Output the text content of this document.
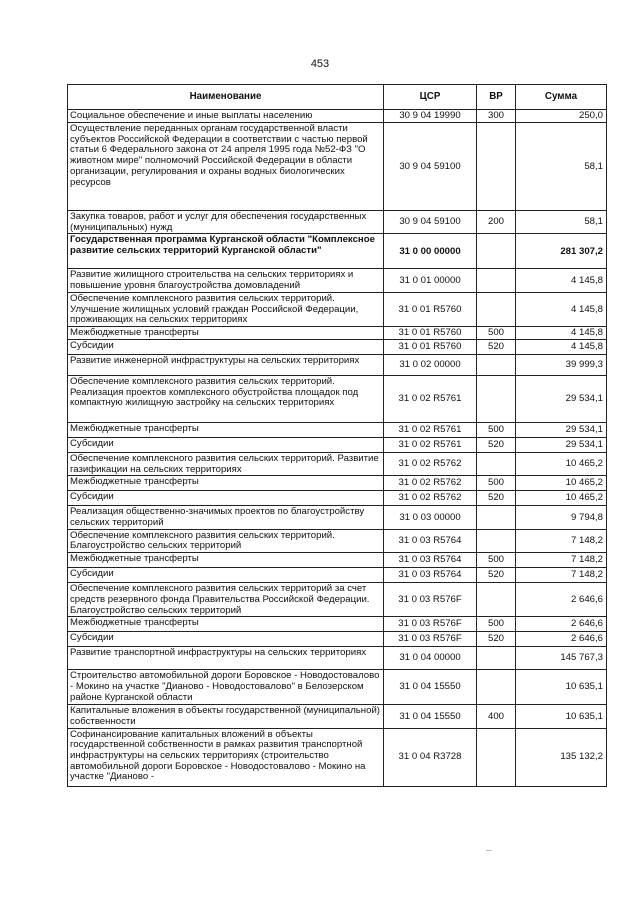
453
Наименование	ЦСР	ВР	Сумма
Социальное обеспечение и иные выплаты населению	30 9 04 19990	300	250,0
Осуществление переданных органам государственной власти субъектов Российской Федерации в соответствии с частью первой статьи 6 Федерального закона от 24 апреля 1995 года №52-ФЗ "О животном мире" полномочий Российской Федерации в области организации, регулирования и охраны водных биологических ресурсов	30 9 04 59100		58,1
Закупка товаров, работ и услуг для обеспечения государственных (муниципальных) нужд	30 9 04 59100	200	58,1
Государственная программа Курганской области "Комплексное развитие сельских территорий Курганской области"	31 0 00 00000		281 307,2
Развитие жилищного строительства на сельских территориях и повышение уровня благоустройства домовладений	31 0 01 00000		4 145,8
Обеспечение комплексного развития сельских территорий. Улучшение жилищных условий граждан Российской Федерации, проживающих на сельских территориях	31 0 01 R5760		4 145,8
Межбюджетные трансферты	31 0 01 R5760	500	4 145,8
Субсидии	31 0 01 R5760	520	4 145,8
Развитие инженерной инфраструктуры на сельских территориях	31 0 02 00000		39 999,3
Обеспечение комплексного развития сельских территорий. Реализация проектов комплексного обустройства площадок под компактную жилищную застройку на сельских территориях	31 0 02 R5761		29 534,1
Межбюджетные трансферты	31 0 02 R5761	500	29 534,1
Субсидии	31 0 02 R5761	520	29 534,1
Обеспечение комплексного развития сельских территорий. Развитие газификации на сельских территориях	31 0 02 R5762		10 465,2
Межбюджетные трансферты	31 0 02 R5762	500	10 465,2
Субсидии	31 0 02 R5762	520	10 465,2
Реализация общественно-значимых проектов по благоустройству сельских территорий	31 0 03 00000		9 794,8
Обеспечение комплексного развития сельских территорий. Благоустройство сельских территорий	31 0 03 R5764		7 148,2
Межбюджетные трансферты	31 0 03 R5764	500	7 148,2
Субсидии	31 0 03 R5764	520	7 148,2
Обеспечение комплексного развития сельских территорий за счет средств резервного фонда Правительства Российской Федерации. Благоустройство сельских территорий	31 0 03 R576F		2 646,6
Межбюджетные трансферты	31 0 03 R576F	500	2 646,6
Субсидии	31 0 03 R576F	520	2 646,6
Развитие транспортной инфраструктуры на сельских территориях	31 0 04 00000		145 767,3
Строительство автомобильной дороги Боровское - Новодостовалово - Мокино на участке "Дианово - Новодостовалово" в Белозерском районе Курганской области	31 0 04 15550		10 635,1
Капитальные вложения в объекты государственной (муниципальной) собственности	31 0 04 15550	400	10 635,1
Софинансирование капитальных вложений в объекты государственной собственности в рамках развития транспортной инфраструктуры на сельских территориях (строительство автомобильной дороги Боровское - Новодостовалово - Мокино на участке "Дианово -	31 0 04 R3728		135 132,2
